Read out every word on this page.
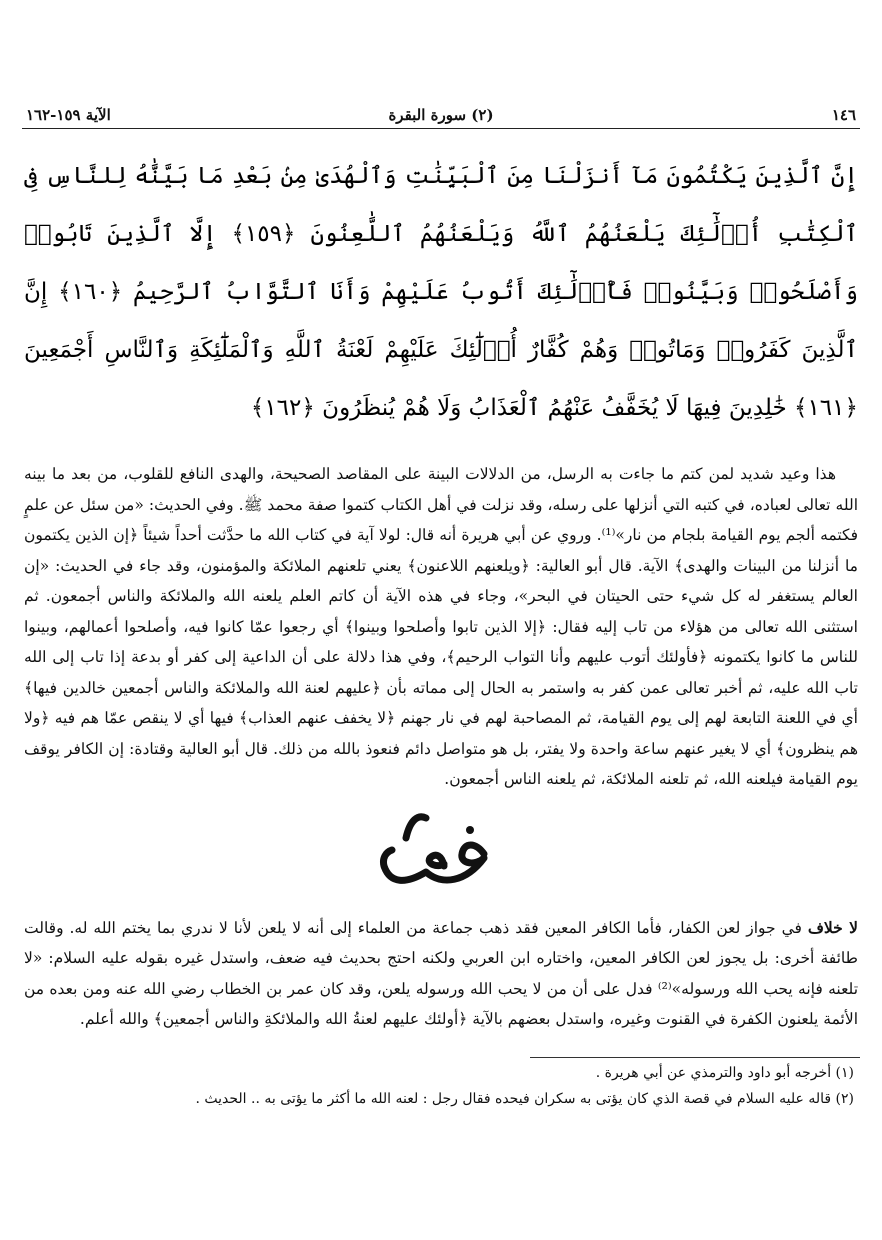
١٤٦
(٢) سورة البقرة
الآية ١٥٩-١٦٢
إِنَّ ٱلَّذِينَ يَكْتُمُونَ مَآ أَنزَلْنَا مِنَ ٱلْبَيِّنَٰتِ وَٱلْهُدَىٰ مِنۢ بَعْدِ مَا بَيَّنَّٰهُ لِلنَّاسِ فِى ٱلْكِتَٰبِ أُو۟لَٰٓئِكَ يَلْعَنُهُمُ ٱللَّهُ وَيَلْعَنُهُمُ ٱللَّٰعِنُونَ ﴿١٥٩﴾ إِلَّا ٱلَّذِينَ تَابُوا۟ وَأَصْلَحُوا۟ وَبَيَّنُوا۟ فَأُو۟لَٰٓئِكَ أَتُوبُ عَلَيْهِمْ وَأَنَا ٱلتَّوَّابُ ٱلرَّحِيمُ ﴿١٦٠﴾ إِنَّ ٱلَّذِينَ كَفَرُوا۟ وَمَاتُوا۟ وَهُمْ كُفَّارٌ أُو۟لَٰٓئِكَ عَلَيْهِمْ لَعْنَةُ ٱللَّهِ وَٱلْمَلَٰٓئِكَةِ وَٱلنَّاسِ أَجْمَعِينَ ﴿١٦١﴾ خَٰلِدِينَ فِيهَا لَا يُخَفَّفُ عَنْهُمُ ٱلْعَذَابُ وَلَا هُمْ يُنظَرُونَ ﴿١٦٢﴾

هذا وعيد شديد لمن كتم ما جاءت به الرسل، من الدلالات البينة على المقاصد الصحيحة، والهدى النافع للقلوب، من بعد ما بينه الله تعالى لعباده، في كتبه التي أنزلها على رسله، وقد نزلت في أهل الكتاب كتموا صفة محمد ﷺ. وفي الحديث: «من سئل عن علمٍ فكتمه ألجم يوم القيامة بلجام من نار»⁽¹⁾. وروي عن أبي هريرة أنه قال: لولا آية في كتاب الله ما حدَّثت أحداً شيئاً ﴿إن الذين يكتمون ما أنزلنا من البينات والهدى﴾ الآية. قال أبو العالية: ﴿ويلعنهم اللاعنون﴾ يعني تلعنهم الملائكة والمؤمنون، وقد جاء في الحديث: «إن العالم يستغفر له كل شيء حتى الحيتان في البحر»، وجاء في هذه الآية أن كاتم العلم يلعنه الله والملائكة والناس أجمعون. ثم استثنى الله تعالى من هؤلاء من تاب إليه فقال: ﴿إلا الذين تابوا وأصلحوا وبينوا﴾ أي رجعوا عمّا كانوا فيه، وأصلحوا أعمالهم، وبينوا للناس ما كانوا يكتمونه ﴿فأولئك أتوب عليهم وأنا التواب الرحيم﴾، وفي هذا دلالة على أن الداعية إلى كفر أو بدعة إذا تاب إلى الله تاب الله عليه، ثم أخبر تعالى عمن كفر به واستمر به الحال إلى مماته بأن ﴿عليهم لعنة الله والملائكة والناس أجمعين خالدين فيها﴾ أي في اللعنة التابعة لهم إلى يوم القيامة، ثم المصاحبة لهم في نار جهنم ﴿لا يخفف عنهم العذاب﴾ فيها أي لا ينقص عمّا هم فيه ﴿ولا هم ينظرون﴾ أي لا يغير عنهم ساعة واحدة ولا يفتر، بل هو متواصل دائم فنعوذ بالله من ذلك. قال أبو العالية وقتادة: إن الكافر يوقف يوم القيامة فيلعنه الله، ثم تلعنه الملائكة، ثم يلعنه الناس أجمعون.

لا خلاف في جواز لعن الكفار، فأما الكافر المعين فقد ذهب جماعة من العلماء إلى أنه لا يلعن لأنا لا ندري بما يختم الله له. وقالت طائفة أخرى: بل يجوز لعن الكافر المعين، واختاره ابن العربي ولكنه احتج بحديث فيه ضعف، واستدل غيره بقوله عليه السلام: «لا تلعنه فإنه يحب الله ورسوله»⁽²⁾ فدل على أن من لا يحب الله ورسوله يلعن، وقد كان عمر بن الخطاب رضي الله عنه ومن بعده من الأئمة يلعنون الكفرة في القنوت وغيره، واستدل بعضهم بالآية ﴿أولئك عليهم لعنةُ الله والملائكةِ والناس أجمعين﴾ والله أعلم.

(١) أخرجه أبو داود والترمذي عن أبي هريرة .
(٢) قاله عليه السلام في قصة الذي كان يؤتى به سكران فيحده فقال رجل : لعنه الله ما أكثر ما يؤتى به .. الحديث .
